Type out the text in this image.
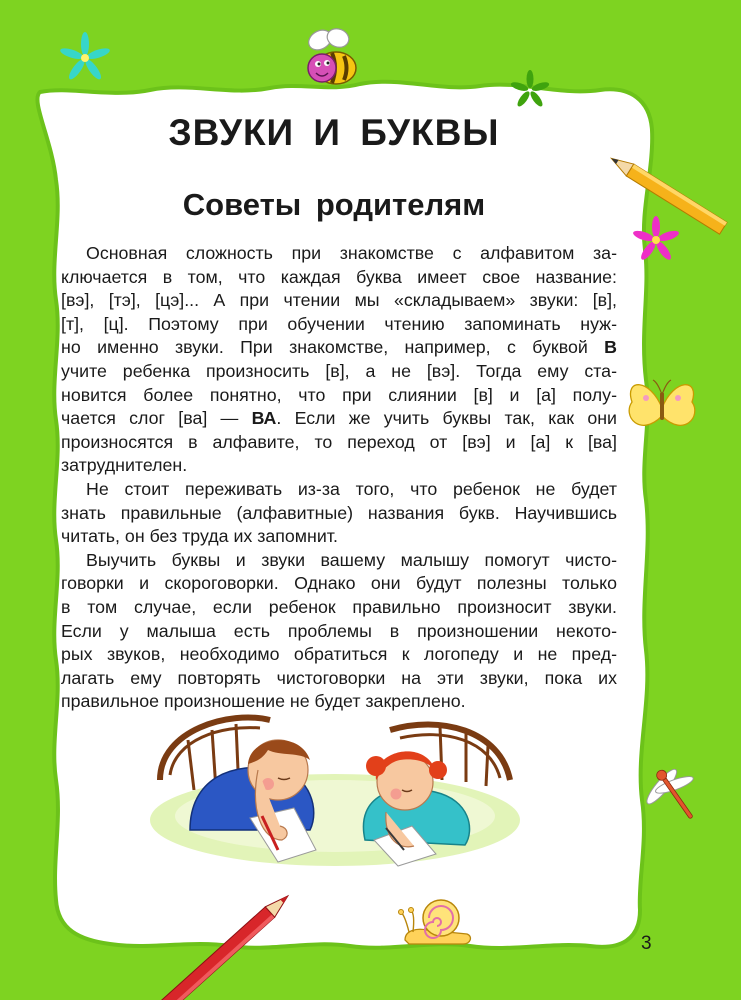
ЗВУКИ И БУКВЫ
Советы родителям

Основная сложность при знакомстве с алфавитом за-
ключается в том, что каждая буква имеет свое название:
[вэ], [тэ], [цэ]... А при чтении мы «складываем» звуки: [в],
[т], [ц]. Поэтому при обучении чтению запоминать нуж-
но именно звуки. При знакомстве, например, с буквой В
учите ребенка произносить [в], а не [вэ]. Тогда ему ста-
новится более понятно, что при слиянии [в] и [а] полу-
чается слог [ва] — ВА. Если же учить буквы так, как они
произносятся в алфавите, то переход от [вэ] и [а] к [ва]
затруднителен.

Не стоит переживать из-за того, что ребенок не будет
знать правильные (алфавитные) названия букв. Научившись
читать, он без труда их запомнит.

Выучить буквы и звуки вашему малышу помогут чисто-
говорки и скороговорки. Однако они будут полезны только
в том случае, если ребенок правильно произносит звуки.
Если у малыша есть проблемы в произношении некото-
рых звуков, необходимо обратиться к логопеду и не пред-
лагать ему повторять чистоговорки на эти звуки, пока их
правильное произношение не будет закреплено.

3
